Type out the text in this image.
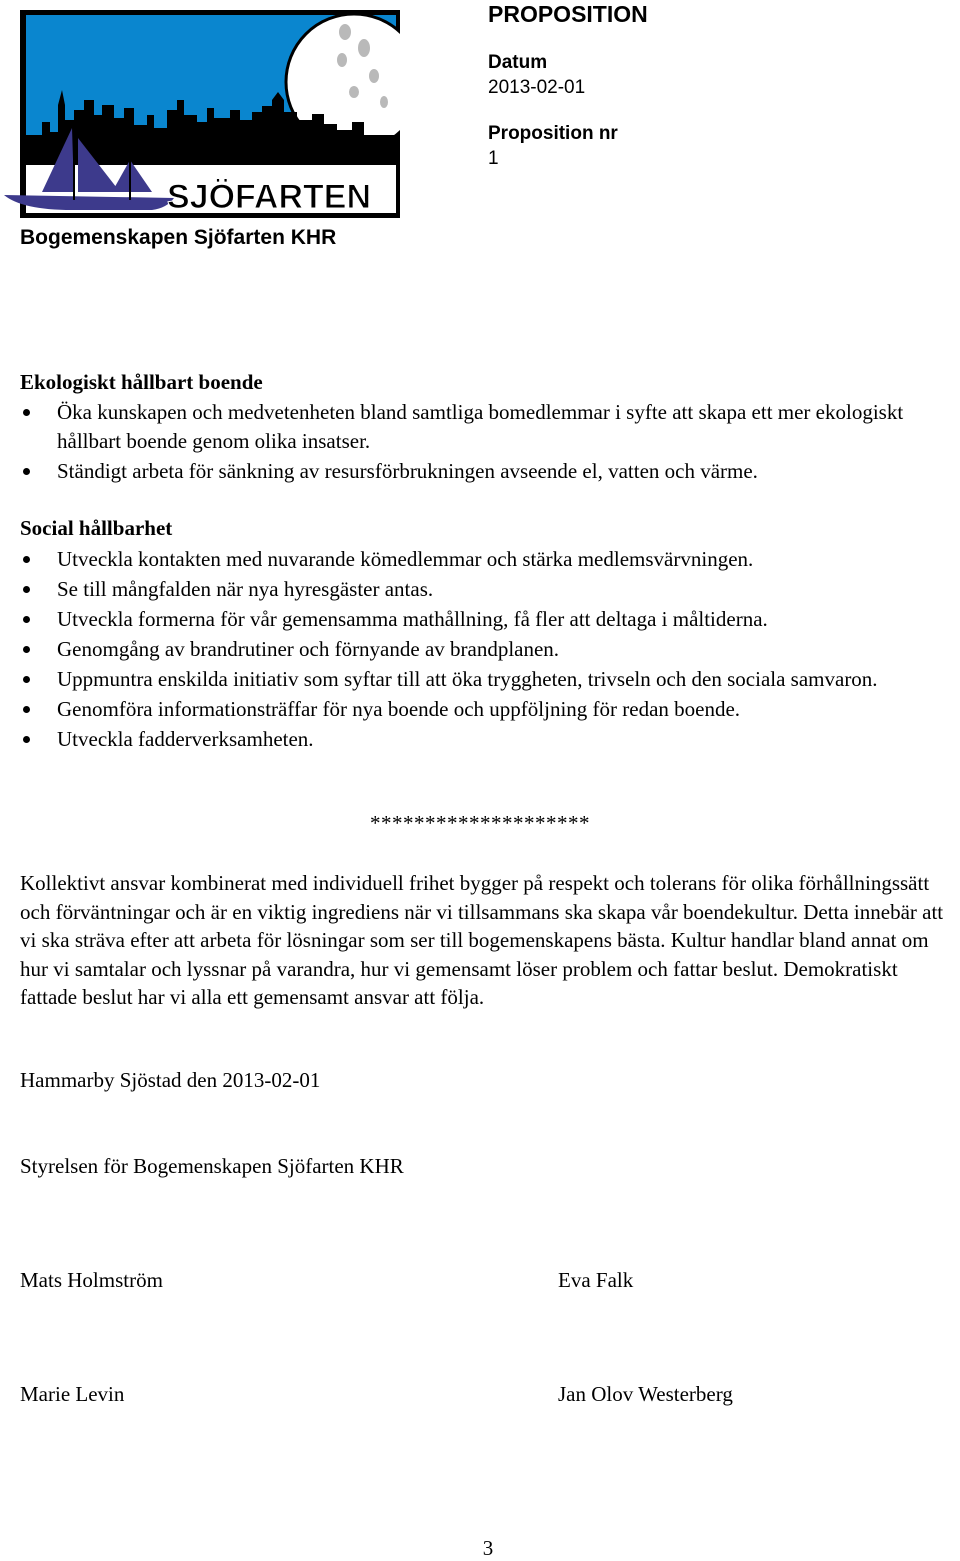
SJÖFARTEN
PROPOSITION
Datum
2013-02-01
Proposition nr
1
Bogemenskapen Sjöfarten KHR
Ekologiskt hållbart boende
Öka kunskapen och medvetenheten bland samtliga bomedlemmar i syfte att skapa ett mer ekologiskt hållbart boende genom olika insatser.
Ständigt arbeta för sänkning av resursförbrukningen avseende el, vatten och värme.
Social hållbarhet
Utveckla kontakten med nuvarande kömedlemmar och stärka medlemsvärvningen.
Se till mångfalden när nya hyresgäster antas.
Utveckla formerna för vår gemensamma mathållning, få fler att deltaga i måltiderna.
Genomgång av brandrutiner och förnyande av brandplanen.
Uppmuntra enskilda initiativ som syftar till att öka tryggheten, trivseln och den sociala samvaron.
Genomföra informationsträffar för nya boende och uppföljning för redan boende.
Utveckla fadderverksamheten.
********************

Kollektivt ansvar kombinerat med individuell frihet bygger på respekt och tolerans för olika förhållningssätt och förväntningar och är en viktig ingrediens när vi tillsammans ska skapa vår boendekultur. Detta innebär att vi ska sträva efter att arbeta för lösningar som ser till bogemenskapens bästa. Kultur handlar bland annat om hur vi samtalar och lyssnar på varandra, hur vi gemensamt löser problem och fattar beslut. Demokratiskt fattade beslut har vi alla ett gemensamt ansvar att följa.

Hammarby Sjöstad den 2013-02-01

Styrelsen för Bogemenskapen Sjöfarten KHR

Mats Holmström	Eva Falk

Marie Levin	Jan Olov Westerberg

3
